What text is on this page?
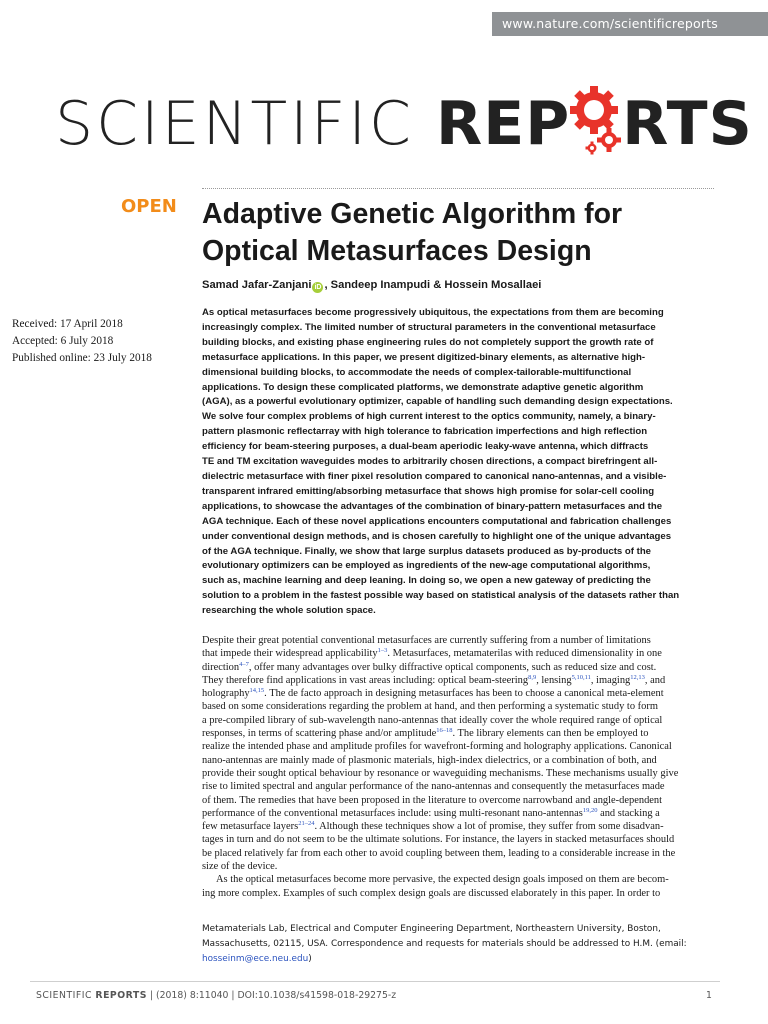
www.nature.com/scientificreports
SCIENTIFIC REP RTS
OPEN Adaptive Genetic Algorithm for
Optical Metasurfaces Design
Samad Jafar-Zanjani iD , Sandeep Inampudi & Hossein Mosallaei
Received: 17 April 2018
Accepted: 6 July 2018
Published online: 23 July 2018
As optical metasurfaces become progressively ubiquitous, the expectations from them are becoming
increasingly complex. The limited number of structural parameters in the conventional metasurface
building blocks, and existing phase engineering rules do not completely support the growth rate of
metasurface applications. In this paper, we present digitized-binary elements, as alternative high-
dimensional building blocks, to accommodate the needs of complex-tailorable-multifunctional
applications. To design these complicated platforms, we demonstrate adaptive genetic algorithm
(AGA), as a powerful evolutionary optimizer, capable of handling such demanding design expectations.
We solve four complex problems of high current interest to the optics community, namely, a binary-
pattern plasmonic reflectarray with high tolerance to fabrication imperfections and high reflection
efficiency for beam-steering purposes, a dual-beam aperiodic leaky-wave antenna, which diffracts
TE and TM excitation waveguides modes to arbitrarily chosen directions, a compact birefringent all-
dielectric metasurface with finer pixel resolution compared to canonical nano-antennas, and a visible-
transparent infrared emitting/absorbing metasurface that shows high promise for solar-cell cooling
applications, to showcase the advantages of the combination of binary-pattern metasurfaces and the
AGA technique. Each of these novel applications encounters computational and fabrication challenges
under conventional design methods, and is chosen carefully to highlight one of the unique advantages
of the AGA technique. Finally, we show that large surplus datasets produced as by-products of the
evolutionary optimizers can be employed as ingredients of the new-age computational algorithms,
such as, machine learning and deep leaning. In doing so, we open a new gateway of predicting the
solution to a problem in the fastest possible way based on statistical analysis of the datasets rather than
researching the whole solution space.
Despite their great potential conventional metasurfaces are currently suffering from a number of limitations
that impede their widespread applicability$^{1-3}$. Metasurfaces, metamaterilas with reduced dimensionality in one
direction$^{4-7}$, offer many advantages over bulky diffractive optical components, such as reduced size and cost.
They therefore find applications in vast areas including: optical beam-steering$^{8,9}$, lensing$^{5,10,11}$, imaging$^{12,13}$, and
holography$^{14,15}$. The de facto approach in designing metasurfaces has been to choose a canonical meta-element
based on some considerations regarding the problem at hand, and then performing a systematic study to form
a pre-compiled library of sub-wavelength nano-antennas that ideally cover the whole required range of optical
responses, in terms of scattering phase and/or amplitude$^{16-18}$. The library elements can then be employed to
realize the intended phase and amplitude profiles for wavefront-forming and holography applications. Canonical
nano-antennas are mainly made of plasmonic materials, high-index dielectrics, or a combination of both, and
provide their sought optical behaviour by resonance or waveguiding mechanisms. These mechanisms usually give
rise to limited spectral and angular performance of the nano-antennas and consequently the metasurfaces made
of them. The remedies that have been proposed in the literature to overcome narrowband and angle-dependent
performance of the conventional metasurfaces include: using multi-resonant nano-antennas$^{19,20}$ and stacking a
few metasurface layers$^{21-24}$. Although these techniques show a lot of promise, they suffer from some disadvan-
tages in turn and do not seem to be the ultimate solutions. For instance, the layers in stacked metasurfaces should
be placed relatively far from each other to avoid coupling between them, leading to a considerable increase in the
size of the device.
As the optical metasurfaces become more pervasive, the expected design goals imposed on them are becom-
ing more complex. Examples of such complex design goals are discussed elaborately in this paper. In order to
Metamaterials Lab, Electrical and Computer Engineering Department, Northeastern University, Boston,
Massachusetts, 02115, USA. Correspondence and requests for materials should be addressed to H.M. (email:
hosseinm@ece.neu.edu)
SCIENTIFIC REPORTS | (2018) 8:11040 | DOI:10.1038/s41598-018-29275-z	1
